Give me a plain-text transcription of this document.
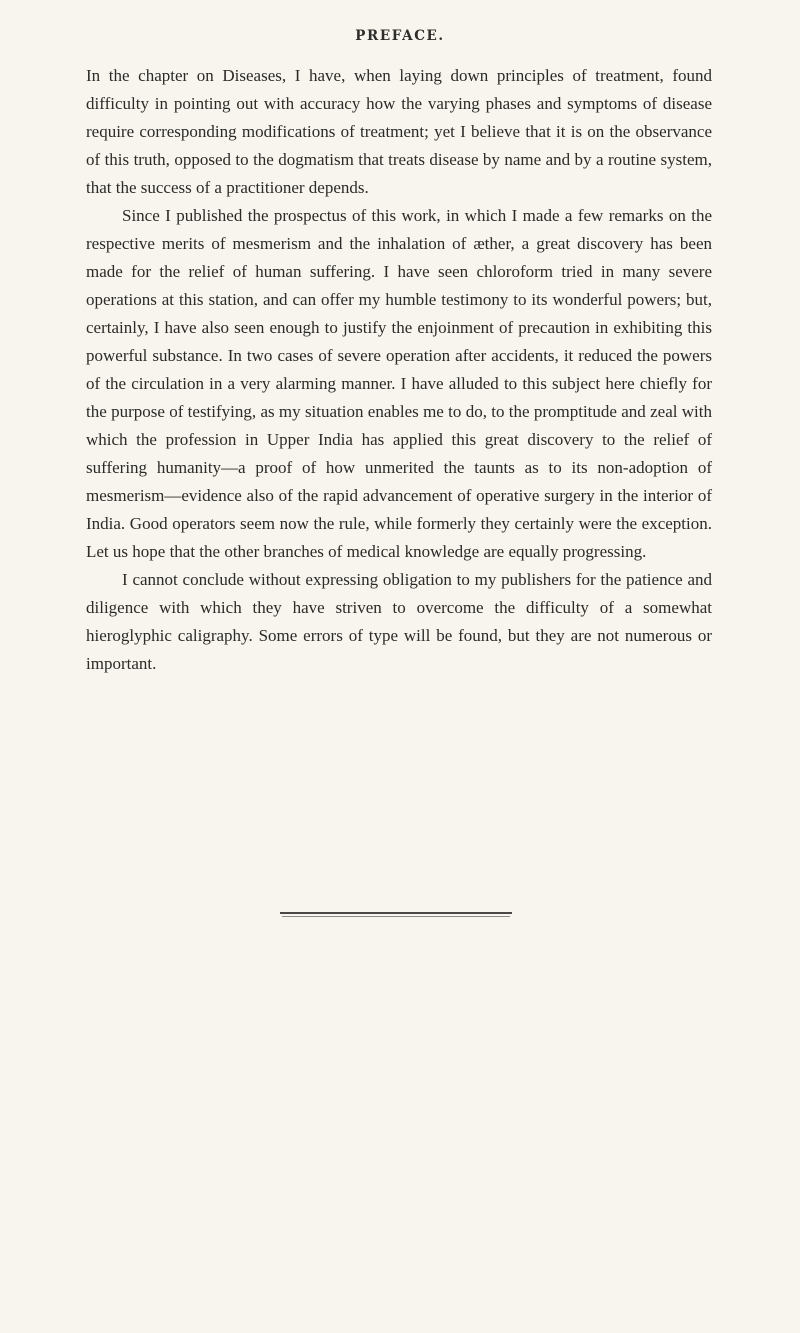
PREFACE.

In the chapter on Diseases, I have, when laying down principles of treatment, found difficulty in pointing out with accuracy how the varying phases and symptoms of disease require corresponding modifications of treatment; yet I believe that it is on the observance of this truth, opposed to the dogmatism that treats disease by name and by a routine system, that the success of a practitioner depends.

Since I published the prospectus of this work, in which I made a few remarks on the respective merits of mesmerism and the inhalation of æther, a great discovery has been made for the relief of human suffering. I have seen chloroform tried in many severe operations at this station, and can offer my humble testimony to its wonderful powers; but, certainly, I have also seen enough to justify the enjoinment of precaution in exhibiting this powerful substance. In two cases of severe operation after accidents, it reduced the powers of the circulation in a very alarming manner. I have alluded to this subject here chiefly for the purpose of testifying, as my situation enables me to do, to the promptitude and zeal with which the profession in Upper India has applied this great discovery to the relief of suffering humanity—a proof of how unmerited the taunts as to its non-adoption of mesmerism—evidence also of the rapid advancement of operative surgery in the interior of India. Good operators seem now the rule, while formerly they certainly were the exception. Let us hope that the other branches of medical knowledge are equally progressing.

I cannot conclude without expressing obligation to my publishers for the patience and diligence with which they have striven to overcome the difficulty of a somewhat hieroglyphic caligraphy. Some errors of type will be found, but they are not numerous or important.
